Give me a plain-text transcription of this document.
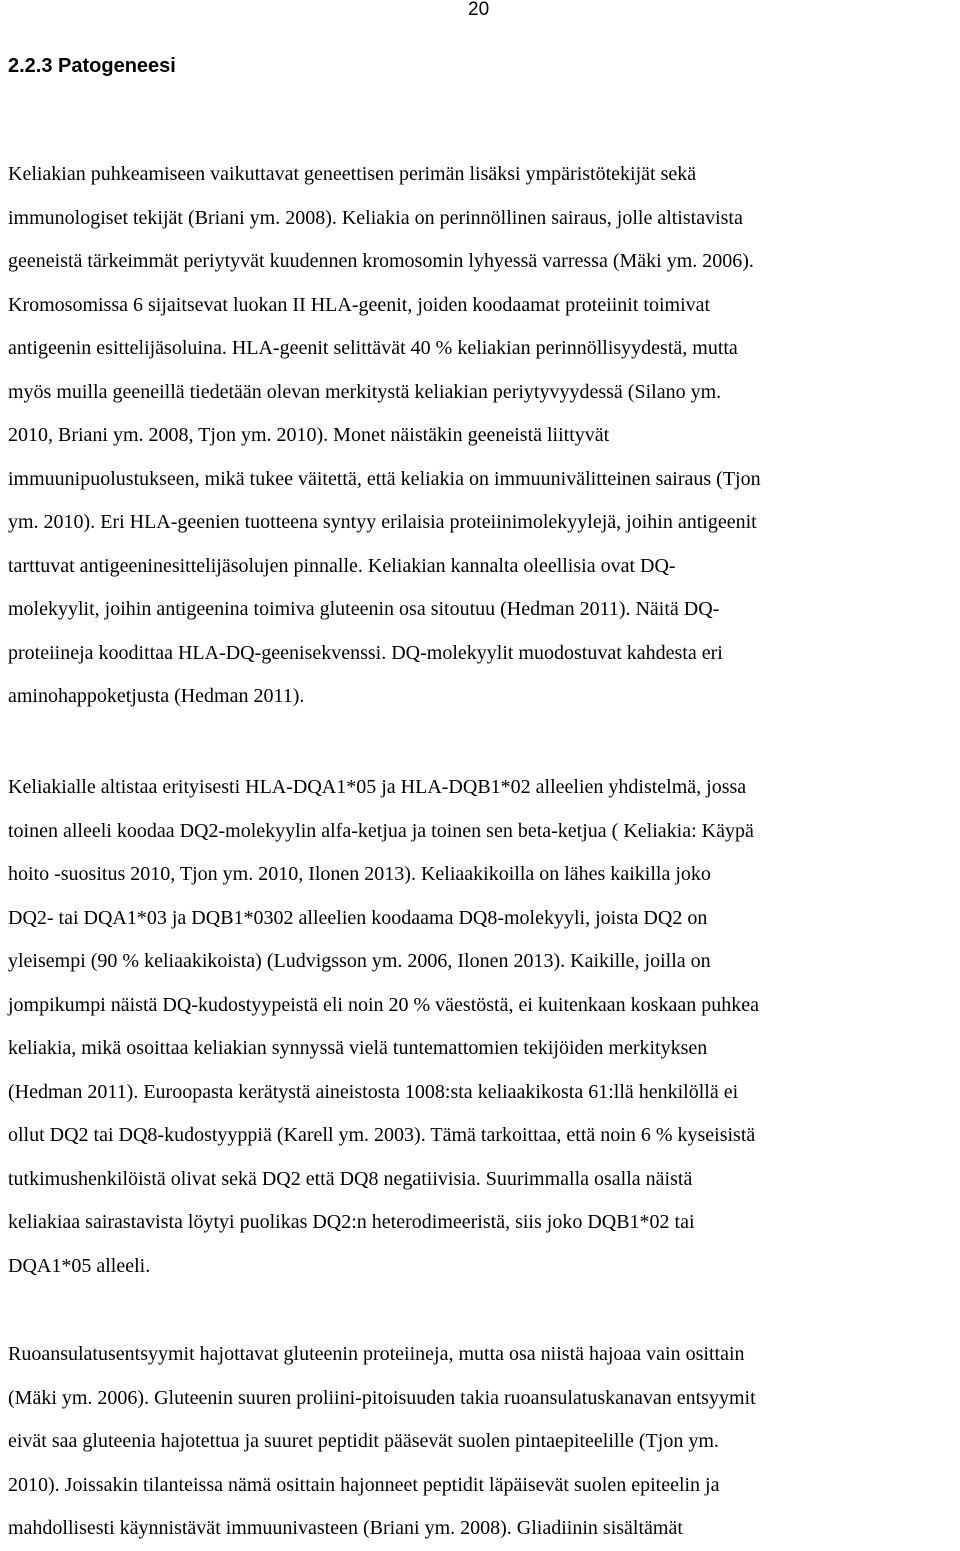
20
2.2.3 Patogeneesi
Keliakian puhkeamiseen vaikuttavat geneettisen perimän lisäksi ympäristötekijät sekä
immunologiset tekijät (Briani ym. 2008). Keliakia on perinnöllinen sairaus, jolle altistavista
geeneistä tärkeimmät periytyvät kuudennen kromosomin lyhyessä varressa (Mäki ym. 2006).
Kromosomissa 6 sijaitsevat luokan II HLA-geenit, joiden koodaamat proteiinit toimivat
antigeenin esittelijäsoluina. HLA-geenit selittävät 40 % keliakian perinnöllisyydestä, mutta
myös muilla geeneillä tiedetään olevan merkitystä keliakian periytyvyydessä (Silano ym.
2010, Briani ym. 2008, Tjon ym. 2010). Monet näistäkin geeneistä liittyvät
immuunipuolustukseen, mikä tukee väitettä, että keliakia on immuunivälitteinen sairaus (Tjon
ym. 2010). Eri HLA-geenien tuotteena syntyy erilaisia proteiinimolekyylejä, joihin antigeenit
tarttuvat antigeeninesittelijäsolujen pinnalle. Keliakian kannalta oleellisia ovat DQ-
molekyylit, joihin antigeenina toimiva gluteenin osa sitoutuu (Hedman 2011). Näitä DQ-
proteiineja koodittaa HLA-DQ-geenisekvenssi. DQ-molekyylit muodostuvat kahdesta eri
aminohappoketjusta (Hedman 2011).
Keliakialle altistaa erityisesti HLA-DQA1*05 ja HLA-DQB1*02 alleelien yhdistelmä, jossa
toinen alleeli koodaa DQ2-molekyylin alfa-ketjua ja toinen sen beta-ketjua ( Keliakia: Käypä
hoito -suositus 2010, Tjon ym. 2010, Ilonen 2013). Keliaakikoilla on lähes kaikilla joko
DQ2- tai DQA1*03 ja DQB1*0302 alleelien koodaama DQ8-molekyyli, joista DQ2 on
yleisempi (90 % keliaakikoista) (Ludvigsson ym. 2006, Ilonen 2013). Kaikille, joilla on
jompikumpi näistä DQ-kudostyypeistä eli noin 20 % väestöstä, ei kuitenkaan koskaan puhkea
keliakia, mikä osoittaa keliakian synnyssä vielä tuntemattomien tekijöiden merkityksen
(Hedman 2011). Euroopasta kerätystä aineistosta 1008:sta keliaakikosta 61:llä henkilöllä ei
ollut DQ2 tai DQ8-kudostyyppiä (Karell ym. 2003). Tämä tarkoittaa, että noin 6 % kyseisistä
tutkimushenkilöistä olivat sekä DQ2 että DQ8 negatiivisia. Suurimmalla osalla näistä
keliakiaa sairastavista löytyi puolikas DQ2:n heterodimeeristä, siis joko DQB1*02 tai
DQA1*05 alleeli.
Ruoansulatusentsyymit hajottavat gluteenin proteiineja, mutta osa niistä hajoaa vain osittain
(Mäki ym. 2006). Gluteenin suuren proliini-pitoisuuden takia ruoansulatuskanavan entsyymit
eivät saa gluteenia hajotettua ja suuret peptidit pääsevät suolen pintaepiteelille (Tjon ym.
2010). Joissakin tilanteissa nämä osittain hajonneet peptidit läpäisevät suolen epiteelin ja
mahdollisesti käynnistävät immuunivasteen (Briani ym. 2008). Gliadiinin sisältämät
